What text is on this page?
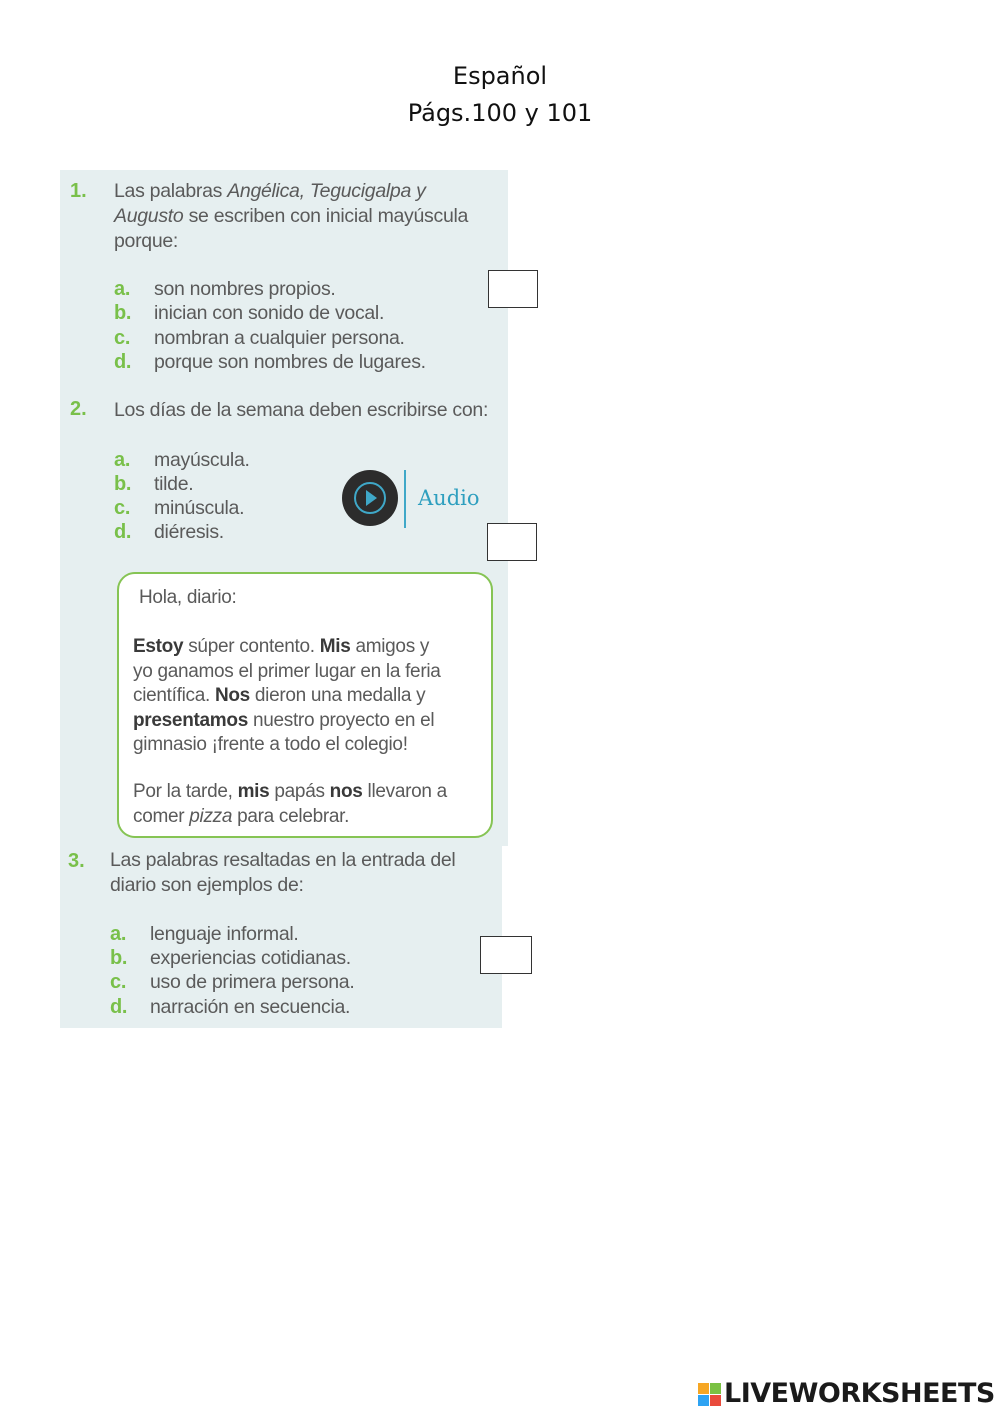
Español
Págs.100 y 101
1. Las palabras Angélica, Tegucigalpa y
Augusto se escriben con inicial mayúscula
porque:
a. son nombres propios.
b. inician con sonido de vocal.
c. nombran a cualquier persona.
d. porque son nombres de lugares.
2. Los días de la semana deben escribirse con:
a. mayúscula.
b. tilde.
c. minúscula.
d. diéresis.
Audio
Hola, diario:
Estoy súper contento. Mis amigos y
yo ganamos el primer lugar en la feria
científica. Nos dieron una medalla y
presentamos nuestro proyecto en el
gimnasio ¡frente a todo el colegio!
Por la tarde, mis papás nos llevaron a
comer pizza para celebrar.
3. Las palabras resaltadas en la entrada del
diario son ejemplos de:
a. lenguaje informal.
b. experiencias cotidianas.
c. uso de primera persona.
d. narración en secuencia.
LIVEWORKSHEETS
